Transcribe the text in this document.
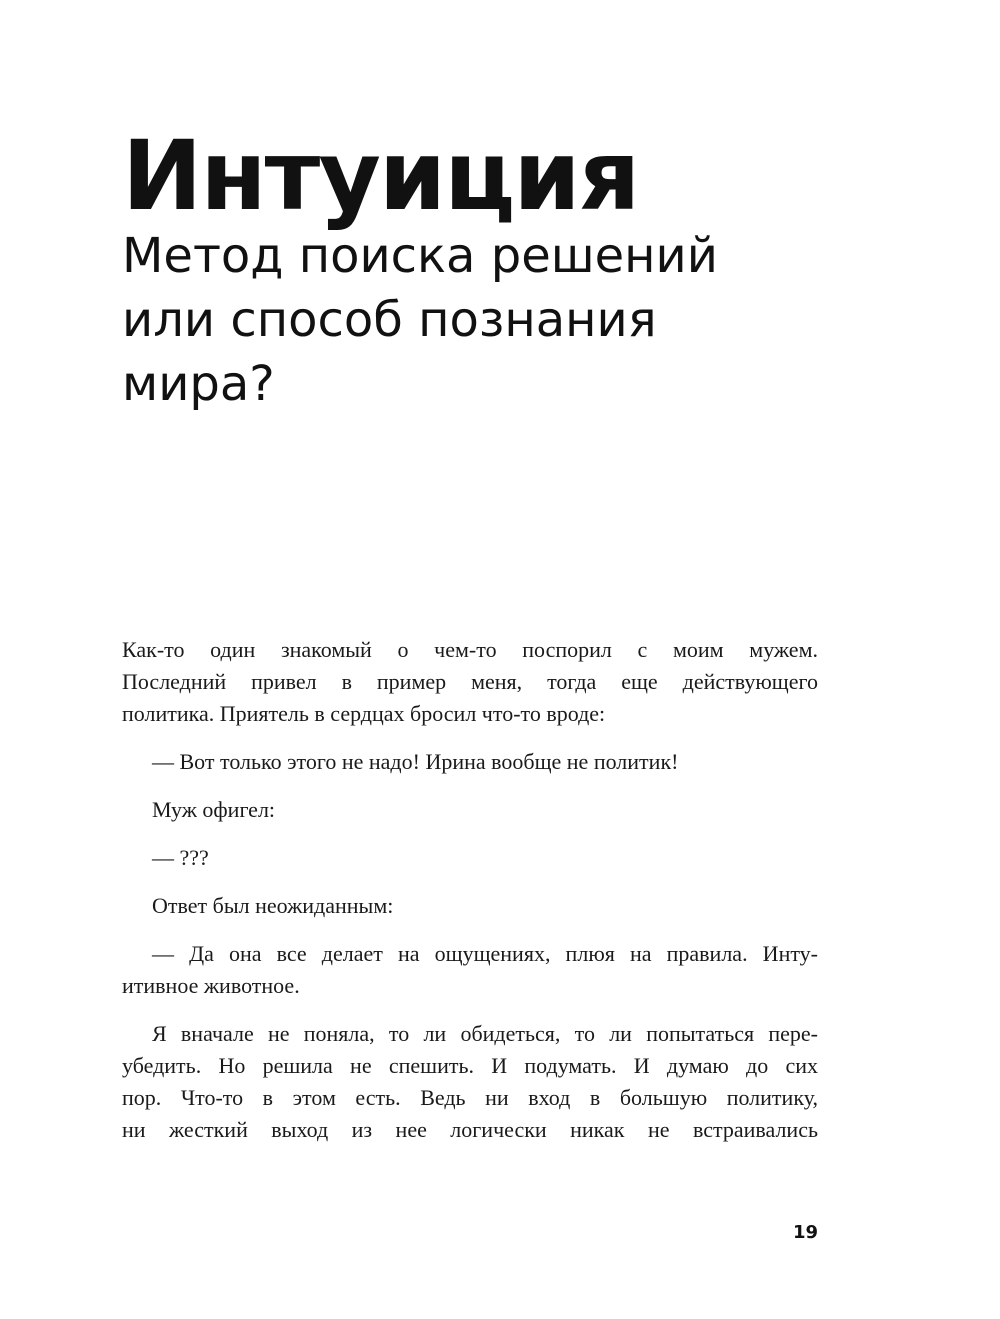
Интуиция
Метод поиска решений
или способ познания
мира?

Как-то один знакомый о чем-то поспорил с моим мужем.
Последний привел в пример меня, тогда еще действующего
политика. Приятель в сердцах бросил что-то вроде:

— Вот только этого не надо! Ирина вообще не политик!

Муж офигел:

— ???

Ответ был неожиданным:

— Да она все делает на ощущениях, плюя на правила. Инту-
итивное животное.

Я вначале не поняла, то ли обидеться, то ли попытаться пере-
убедить. Но решила не спешить. И подумать. И думаю до сих
пор. Что-то в этом есть. Ведь ни вход в большую политику,
ни жесткий выход из нее логически никак не встраивались

19
